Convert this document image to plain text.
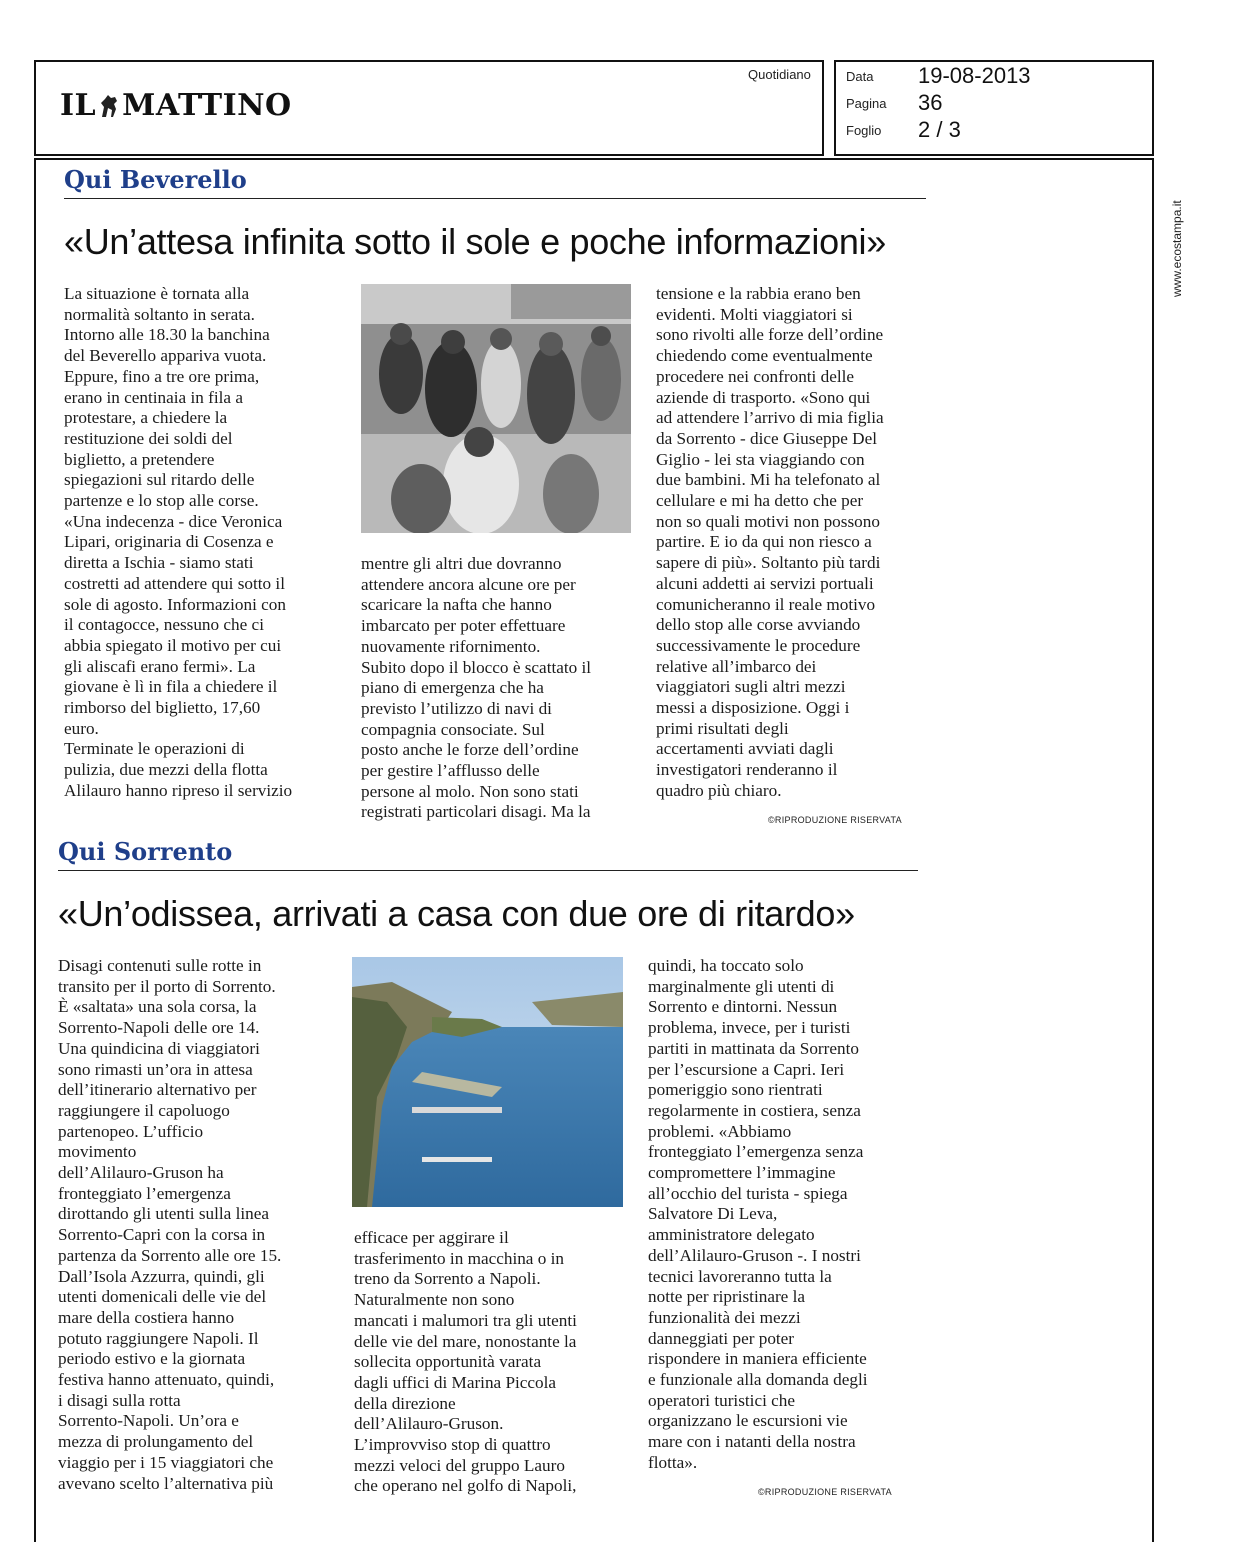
IL MATTINO
Quotidiano	Data 19-08-2013
Pagina 36
Foglio 2 / 3
www.ecostampa.it
Qui Beverello
«Un’attesa infinita sotto il sole e poche informazioni»

La situazione è tornata alla

normalità soltanto in serata.

Intorno alle 18.30 la banchina

del Beverello appariva vuota.

Eppure, fino a tre ore prima,

erano in centinaia in fila a

protestare, a chiedere la

restituzione dei soldi del

biglietto, a pretendere

spiegazioni sul ritardo delle

partenze e lo stop alle corse.

«Una indecenza - dice Veronica

Lipari, originaria di Cosenza e

diretta a Ischia - siamo stati

costretti ad attendere qui sotto il

sole di agosto. Informazioni con

il contagocce, nessuno che ci

abbia spiegato il motivo per cui

gli aliscafi erano fermi». La

giovane è lì in fila a chiedere il

rimborso del biglietto, 17,60

euro.

Terminate le operazioni di

pulizia, due mezzi della flotta

Alilauro hanno ripreso il servizio

mentre gli altri due dovranno

attendere ancora alcune ore per

scaricare la nafta che hanno

imbarcato per poter effettuare

nuovamente rifornimento.

Subito dopo il blocco è scattato il

piano di emergenza che ha

previsto l’utilizzo di navi di

compagnia consociate. Sul

posto anche le forze dell’ordine

per gestire l’afflusso delle

persone al molo. Non sono stati

registrati particolari disagi. Ma la

tensione e la rabbia erano ben

evidenti. Molti viaggiatori si

sono rivolti alle forze dell’ordine

chiedendo come eventualmente

procedere nei confronti delle

aziende di trasporto. «Sono qui

ad attendere l’arrivo di mia figlia

da Sorrento - dice Giuseppe Del

Giglio - lei sta viaggiando con

due bambini. Mi ha telefonato al

cellulare e mi ha detto che per

non so quali motivi non possono

partire. E io da qui non riesco a

sapere di più». Soltanto più tardi

alcuni addetti ai servizi portuali

comunicheranno il reale motivo

dello stop alle corse avviando

successivamente le procedure

relative all’imbarco dei

viaggiatori sugli altri mezzi

messi a disposizione. Oggi i

primi risultati degli

accertamenti avviati dagli

investigatori renderanno il

quadro più chiaro.

©RIPRODUZIONE RISERVATA
Qui Sorrento
«Un’odissea, arrivati a casa con due ore di ritardo»

Disagi contenuti sulle rotte in

transito per il porto di Sorrento.

È «saltata» una sola corsa, la

Sorrento-Napoli delle ore 14.

Una quindicina di viaggiatori

sono rimasti un’ora in attesa

dell’itinerario alternativo per

raggiungere il capoluogo

partenopeo. L’ufficio

movimento

dell’Alilauro-Gruson ha

fronteggiato l’emergenza

dirottando gli utenti sulla linea

Sorrento-Capri con la corsa in

partenza da Sorrento alle ore 15.

Dall’Isola Azzurra, quindi, gli

utenti domenicali delle vie del

mare della costiera hanno

potuto raggiungere Napoli. Il

periodo estivo e la giornata

festiva hanno attenuato, quindi,

i disagi sulla rotta

Sorrento-Napoli. Un’ora e

mezza di prolungamento del

viaggio per i 15 viaggiatori che

avevano scelto l’alternativa più

efficace per aggirare il

trasferimento in macchina o in

treno da Sorrento a Napoli.

Naturalmente non sono

mancati i malumori tra gli utenti

delle vie del mare, nonostante la

sollecita opportunità varata

dagli uffici di Marina Piccola

della direzione

dell’Alilauro-Gruson.

L’improvviso stop di quattro

mezzi veloci del gruppo Lauro

che operano nel golfo di Napoli,

quindi, ha toccato solo

marginalmente gli utenti di

Sorrento e dintorni. Nessun

problema, invece, per i turisti

partiti in mattinata da Sorrento

per l’escursione a Capri. Ieri

pomeriggio sono rientrati

regolarmente in costiera, senza

problemi. «Abbiamo

fronteggiato l’emergenza senza

compromettere l’immagine

all’occhio del turista - spiega

Salvatore Di Leva,

amministratore delegato

dell’Alilauro-Gruson -. I nostri

tecnici lavoreranno tutta la

notte per ripristinare la

funzionalità dei mezzi

danneggiati per poter

rispondere in maniera efficiente

e funzionale alla domanda degli

operatori turistici che

organizzano le escursioni vie

mare con i natanti della nostra

flotta».

©RIPRODUZIONE RISERVATA
